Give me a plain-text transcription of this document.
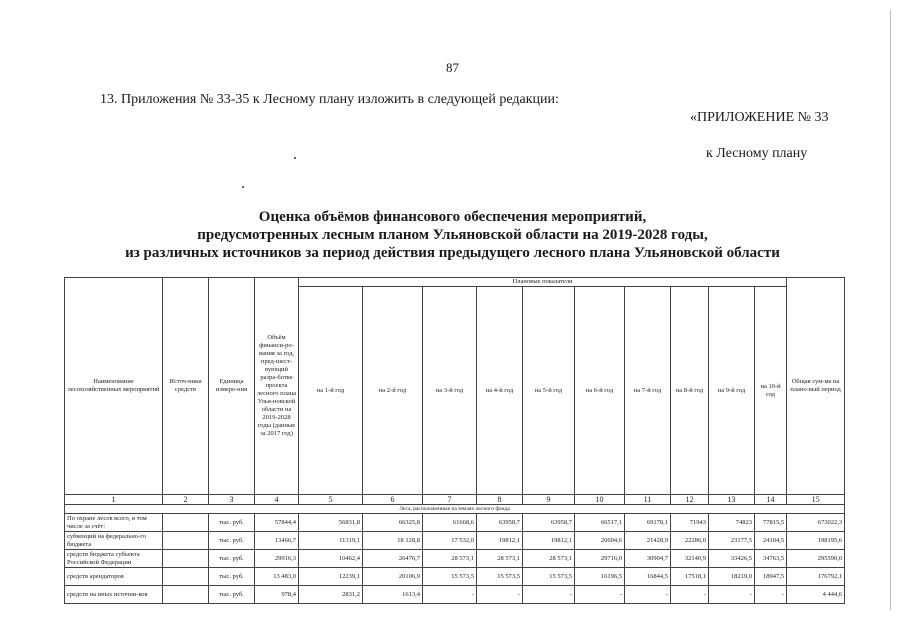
87
13. Приложения № 33-35 к Лесному плану изложить в следующей редакции:
«ПРИЛОЖЕНИЕ № 33
к Лесному плану
Оценка объёмов финансового обеспечения мероприятий,
предусмотренных лесным планом Ульяновской области на 2019-2028 годы,
из различных источников за период действия предыдущего лесного плана Ульяновской области
Наименование лесохозяйственных мероприятий	Источ-ники средств	Единица измере-ния	Объём финанси-ро-вания за год, пред-шест-вующий разра-ботке проекта лесного плана Улья-новской области на 2019-2028 годы (данные за 2017 год)	Плановые показатели										Общая сум-ма на плано-вый период
				на 1-й год	на 2-й год	на 3-й год	на 4-й год	на 5-й год	на 6-й год	на 7-й год	на 8-й год	на 9-й год	на 10-й год	
1	2	3	4	5	6	7	8	9	10	11	12	13	14	15
Леса, расположенные на землях лесного фонда														
По охране лесов всего, в том числе за счёт:		тыс. руб.	57844,4	56831,8	66325,8	61668,6	63958,7	63958,7	66517,1	69178,1	71943	74823	77815,5	673022,3
субвенций на федерально-го бюджета		тыс. руб.	13466,7	11319,1	18 128,8	17 532,0	19812,1	19812,1	20604,6	21428,9	22286,0	23177,5	24104,5	198195,6
средств бюджета субъекта Российской Федерации		тыс. руб.	29916,3	10462,4	26476,7	28 573,1	28 573,1	28 573,1	29716,0	30904,7	32140,9	33426,5	34763,5	295590,0
средств арендаторов		тыс. руб.	13 483,0	12239,1	20106,9	15 573,5	15 573,5	15 573,5	16196,5	16844,5	17518,1	18219,0	18947,5	176792,1
средств на иных источни-ков		тыс. руб.	978,4	2831,2	1613,4	-	-	-	-	-	-	-	-	4 444,6
